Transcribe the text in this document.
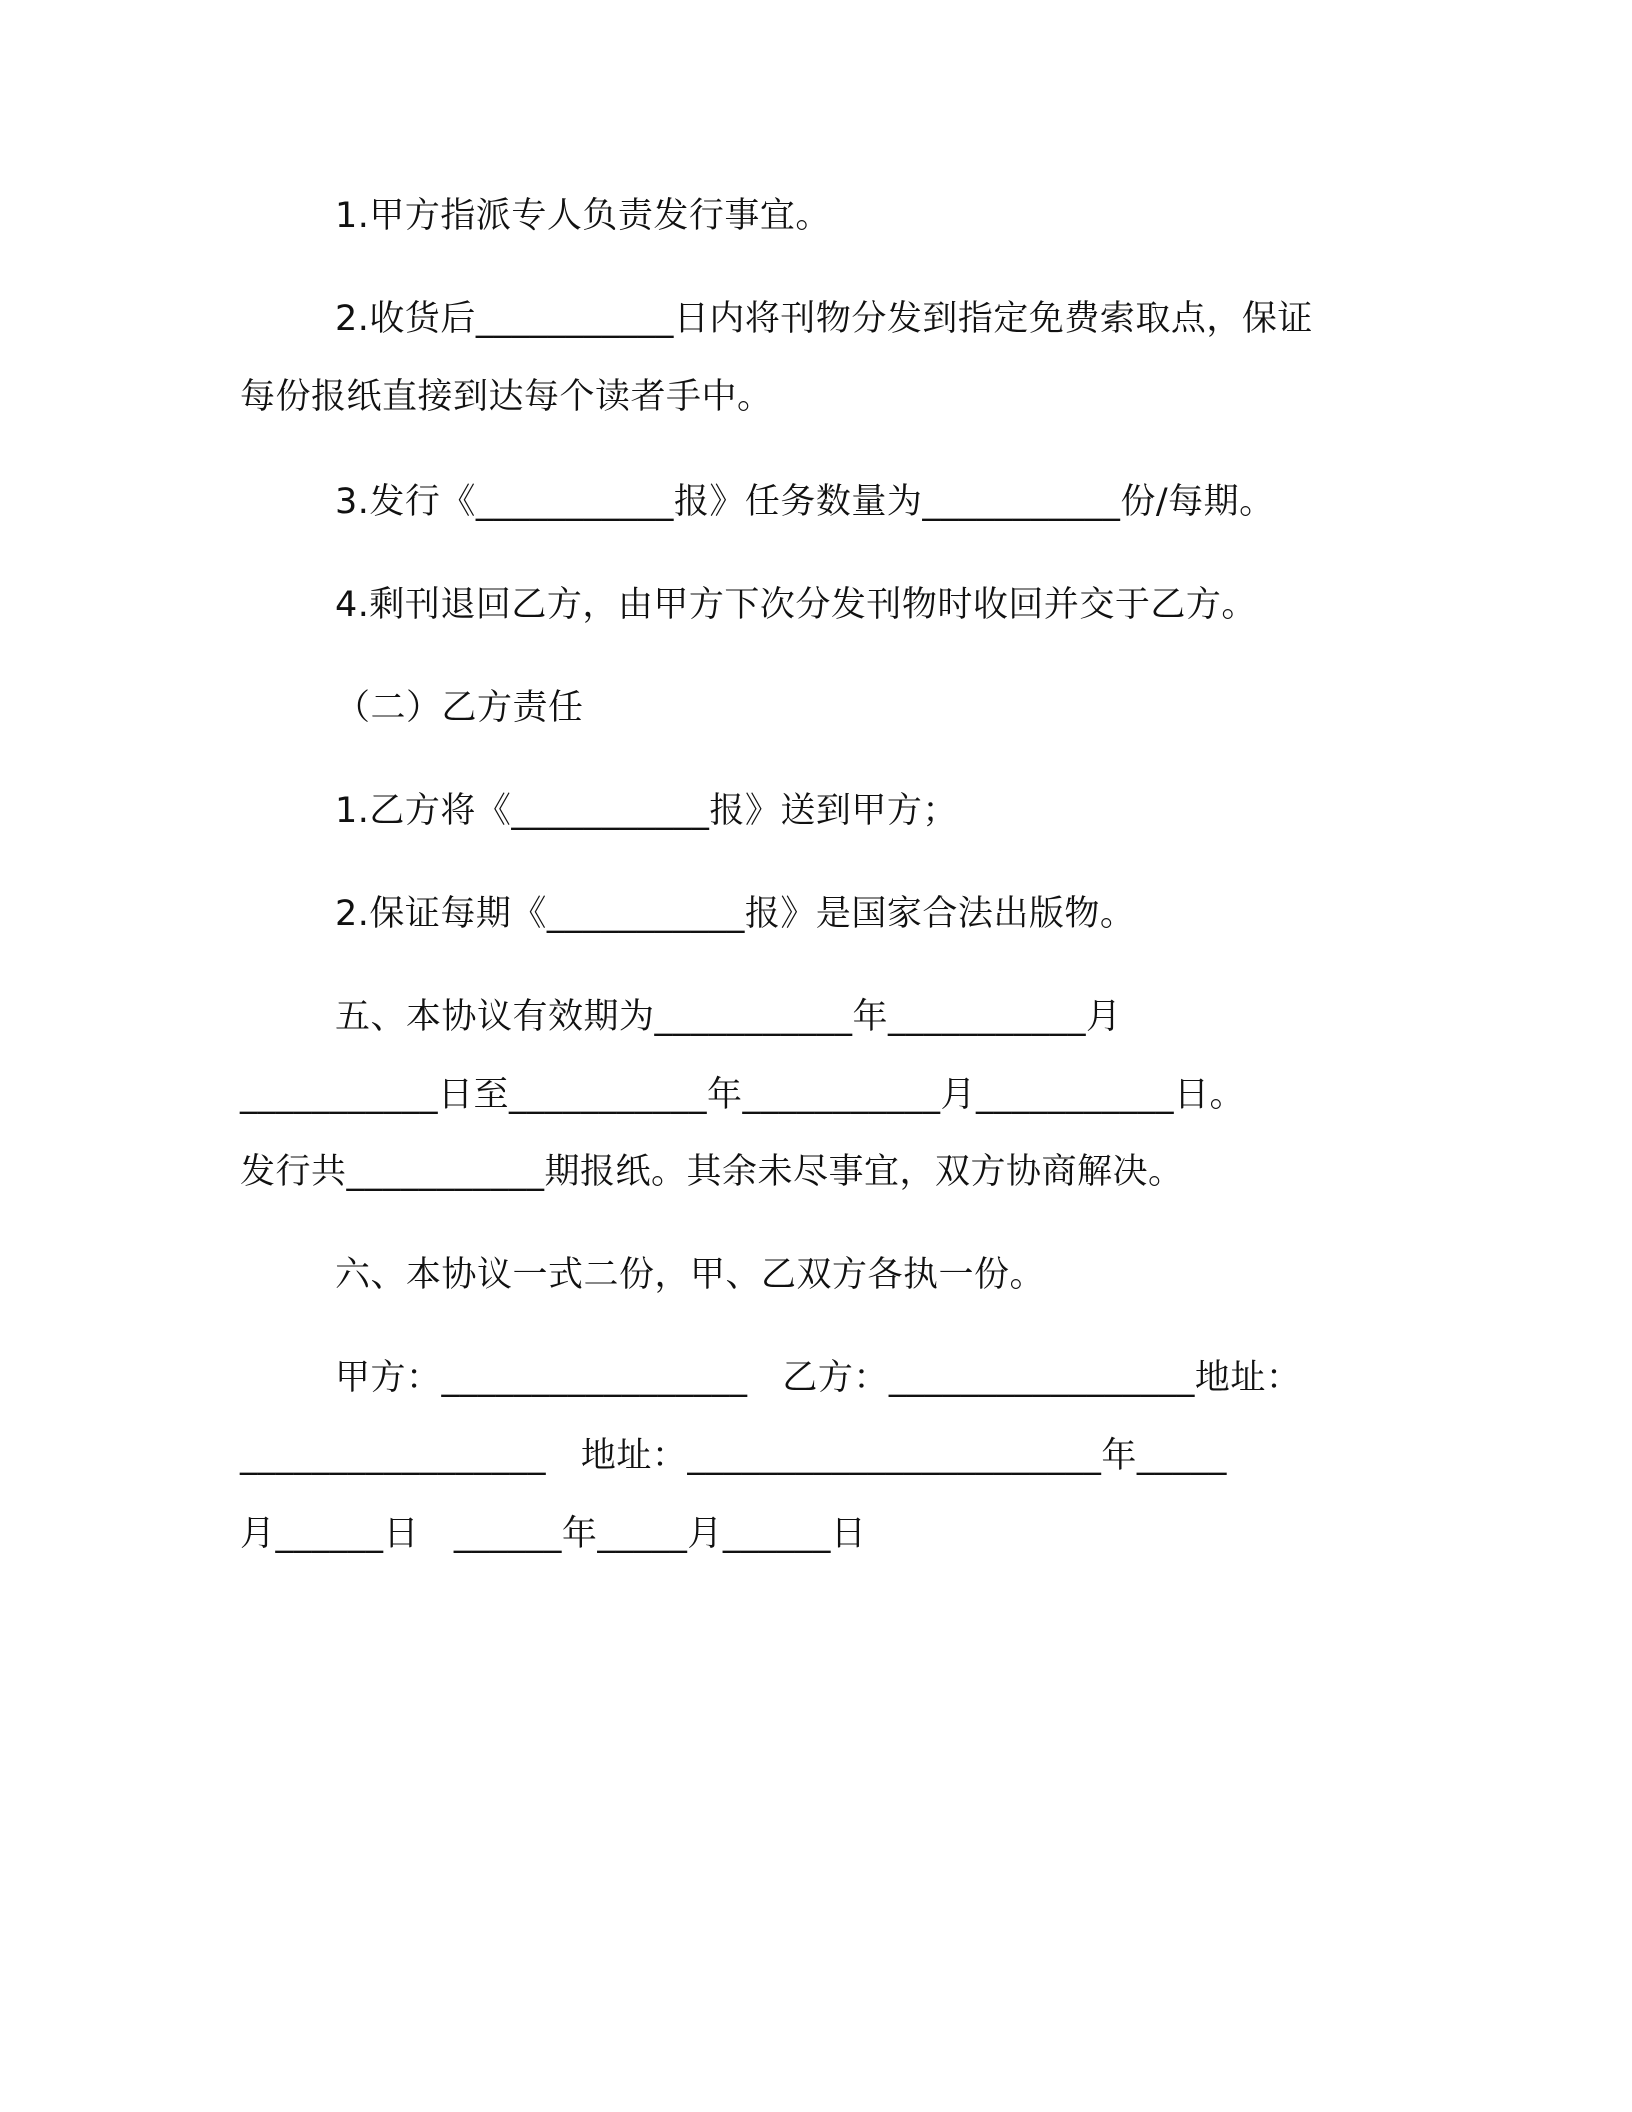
1.甲方指派专人负责发行事宜。
2.收货后___________日内将刊物分发到指定免费索取点，保证
每份报纸直接到达每个读者手中。
3.发行《___________报》任务数量为___________份/每期。
4.剩刊退回乙方，由甲方下次分发刊物时收回并交于乙方。
（二）乙方责任
1.乙方将《___________报》送到甲方；
2.保证每期《___________报》是国家合法出版物。
五、本协议有效期为___________年___________月
___________日至___________年___________月___________日。
发行共___________期报纸。其余未尽事宜，双方协商解决。
六、本协议一式二份，甲、乙双方各执一份。
甲方：_________________   乙方：_________________地址：
_________________   地址：_______________________年_____
月______日   ______年_____月______日
